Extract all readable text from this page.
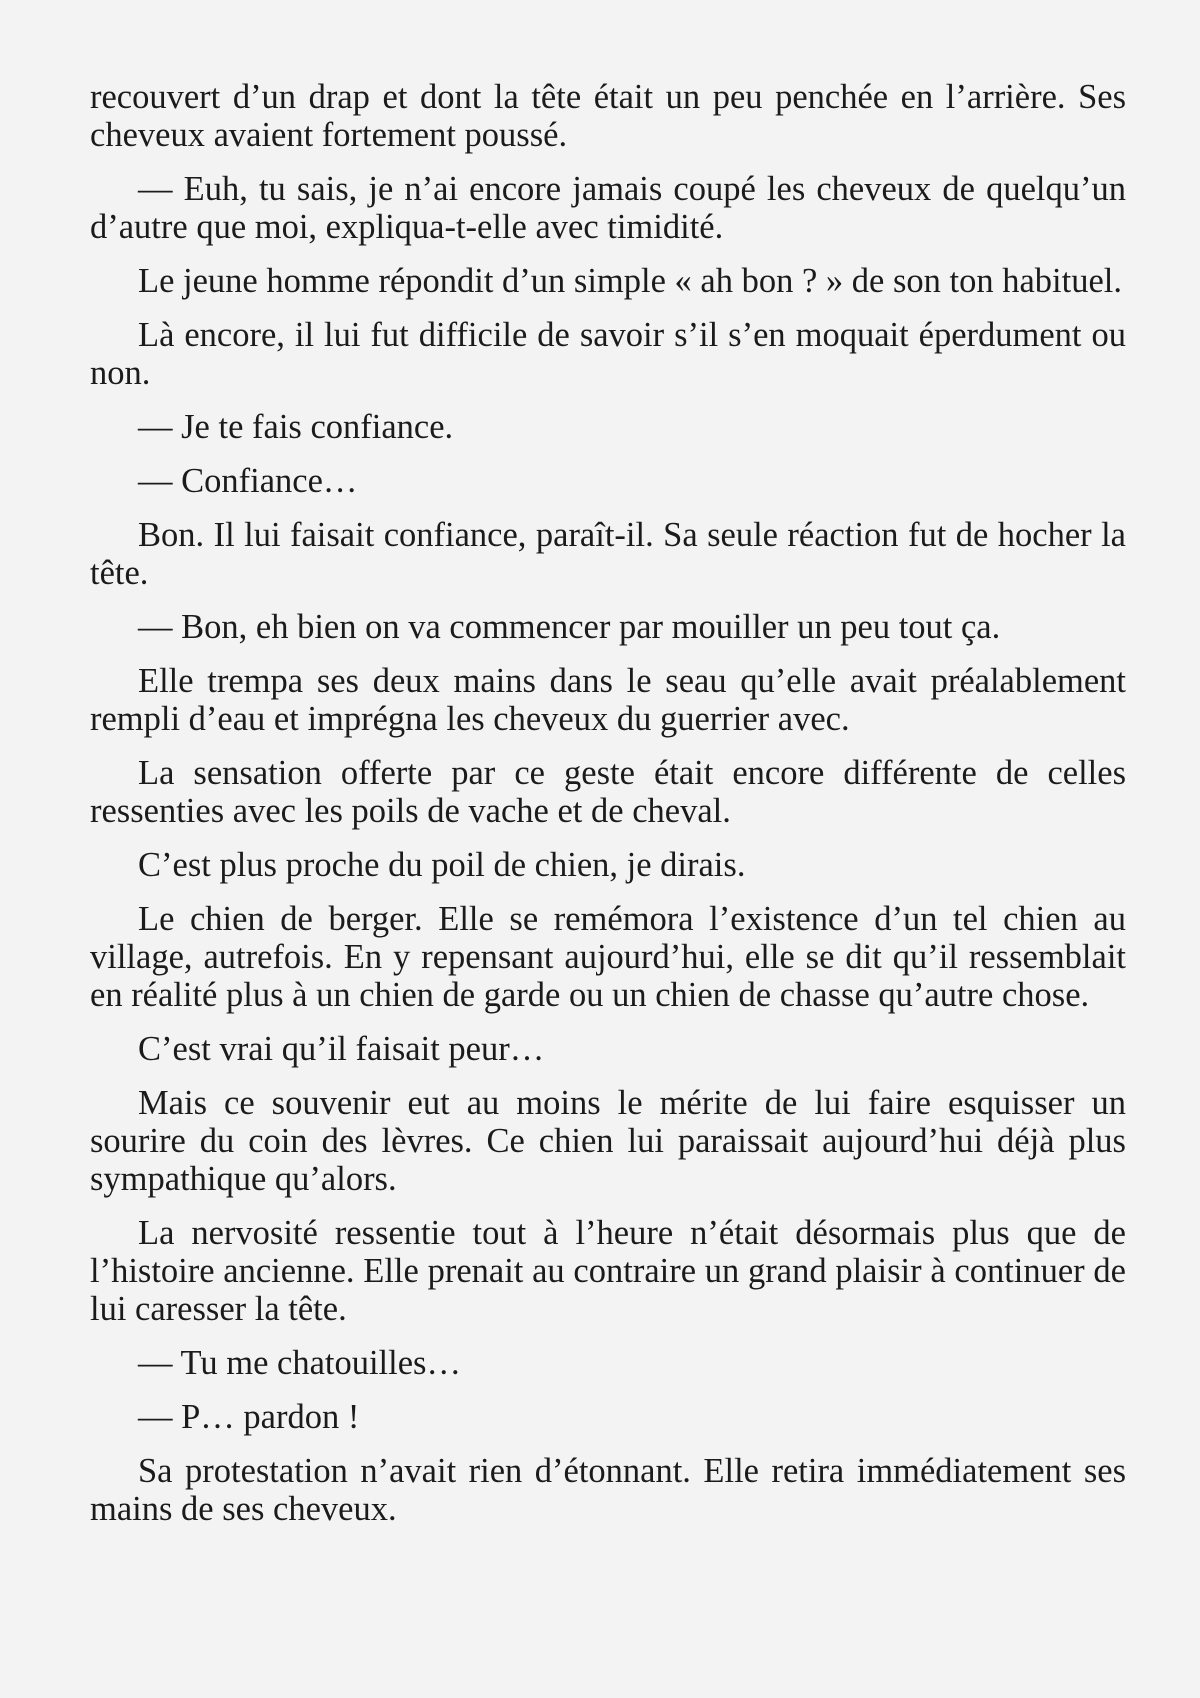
recouvert d’un drap et dont la tête était un peu penchée en l’arrière. Ses cheveux avaient fortement poussé.

— Euh, tu sais, je n’ai encore jamais coupé les cheveux de quelqu’un d’autre que moi, expliqua-t-elle avec timidité.

Le jeune homme répondit d’un simple « ah bon ? » de son ton habituel.

Là encore, il lui fut difficile de savoir s’il s’en moquait éperdument ou non.

— Je te fais confiance.

— Confiance…

Bon. Il lui faisait confiance, paraît-il. Sa seule réaction fut de hocher la tête.

— Bon, eh bien on va commencer par mouiller un peu tout ça.

Elle trempa ses deux mains dans le seau qu’elle avait préalablement rempli d’eau et imprégna les cheveux du guerrier avec.

La sensation offerte par ce geste était encore différente de celles ressenties avec les poils de vache et de cheval.

C’est plus proche du poil de chien, je dirais.

Le chien de berger. Elle se remémora l’existence d’un tel chien au village, autrefois. En y repensant aujourd’hui, elle se dit qu’il ressemblait en réalité plus à un chien de garde ou un chien de chasse qu’autre chose.

C’est vrai qu’il faisait peur…

Mais ce souvenir eut au moins le mérite de lui faire esquisser un sourire du coin des lèvres. Ce chien lui paraissait aujourd’hui déjà plus sympathique qu’alors.

La nervosité ressentie tout à l’heure n’était désormais plus que de l’histoire ancienne. Elle prenait au contraire un grand plaisir à continuer de lui caresser la tête.

— Tu me chatouilles…

— P… pardon !

Sa protestation n’avait rien d’étonnant. Elle retira immédiatement ses mains de ses cheveux.
